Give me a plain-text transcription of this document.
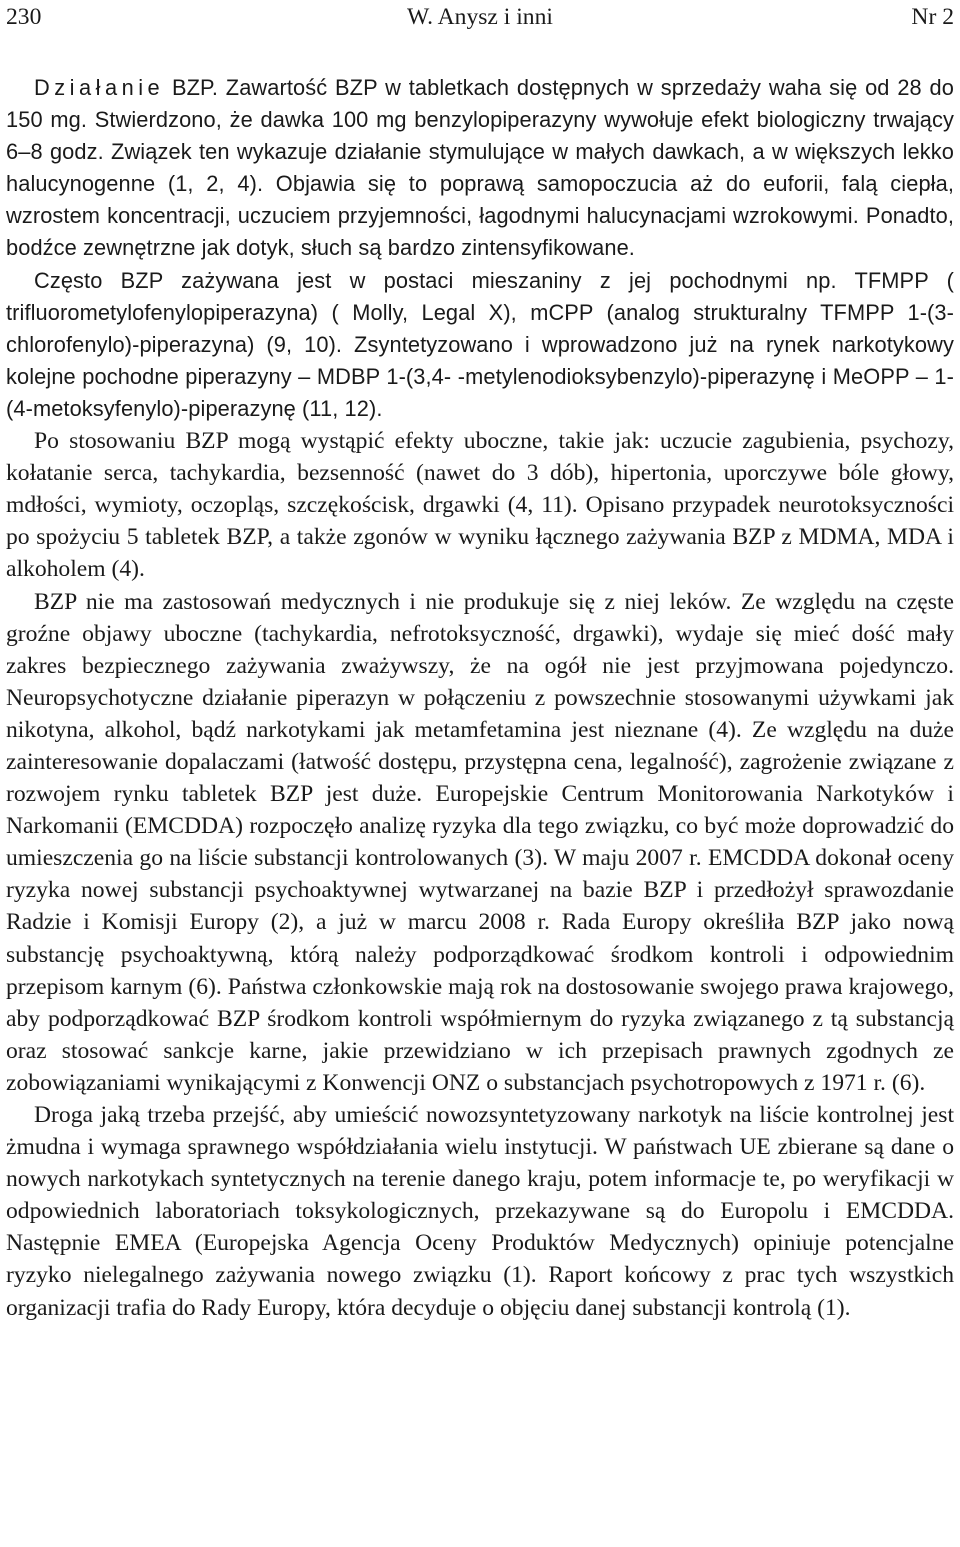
230	W. Anysz i inni	Nr 2

Działanie BZP. Zawartość BZP w tabletkach dostępnych w sprzedaży waha się od 28 do 150 mg. Stwierdzono, że dawka 100 mg benzylopiperazyny wywołuje efekt biologiczny trwający 6–8 godz. Związek ten wykazuje działanie stymulujące w małych dawkach, a w większych lekko halucynogenne (1, 2, 4). Objawia się to poprawą samopoczucia aż do euforii, falą ciepła, wzrostem koncentracji, uczuciem przyjemności, łagodnymi halucynacjami wzrokowymi. Ponadto, bodźce zewnętrzne jak dotyk, słuch są bardzo zintensyfikowane.

Często BZP zażywana jest w postaci mieszaniny z jej pochodnymi np. TFMPP ( trifluorometylofenylopiperazyna) ( Molly, Legal X), mCPP (analog strukturalny TFMPP 1-(3-chlorofenylo)-piperazyna) (9, 10). Zsyntetyzowano i wprowadzono już na rynek narkotykowy kolejne pochodne piperazyny – MDBP 1-(3,4- -metylenodioksybenzylo)-piperazynę i MeOPP – 1-(4-metoksyfenylo)-piperazynę (11, 12).

Po stosowaniu BZP mogą wystąpić efekty uboczne, takie jak: uczucie zagubienia, psychozy, kołatanie serca, tachykardia, bezsenność (nawet do 3 dób), hipertonia, uporczywe bóle głowy, mdłości, wymioty, oczopląs, szczękościsk, drgawki (4, 11). Opisano przypadek neurotoksyczności po spożyciu 5 tabletek BZP, a także zgonów w wyniku łącznego zażywania BZP z MDMA, MDA i alkoholem (4).

BZP nie ma zastosowań medycznych i nie produkuje się z niej leków. Ze względu na częste groźne objawy uboczne (tachykardia, nefrotoksyczność, drgawki), wydaje się mieć dość mały zakres bezpiecznego zażywania zważywszy, że na ogół nie jest przyjmowana pojedynczo. Neuropsychotyczne działanie piperazyn w połączeniu z powszechnie stosowanymi używkami jak nikotyna, alkohol, bądź narkotykami jak metamfetamina jest nieznane (4). Ze względu na duże zainteresowanie dopalaczami (łatwość dostępu, przystępna cena, legalność), zagrożenie związane z rozwojem rynku tabletek BZP jest duże. Europejskie Centrum Monitorowania Narkotyków i Narkomanii (EMCDDA) rozpoczęło analizę ryzyka dla tego związku, co być może doprowadzić do umieszczenia go na liście substancji kontrolowanych (3). W maju 2007 r. EMCDDA dokonał oceny ryzyka nowej substancji psychoaktywnej wytwarzanej na bazie BZP i przedłożył sprawozdanie Radzie i Komisji Europy (2), a już w marcu 2008 r. Rada Europy określiła BZP jako nową substancję psychoaktywną, którą należy podporządkować środkom kontroli i odpowiednim przepisom karnym (6). Państwa członkowskie mają rok na dostosowanie swojego prawa krajowego, aby podporządkować BZP środkom kontroli współmiernym do ryzyka związanego z tą substancją oraz stosować sankcje karne, jakie przewidziano w ich przepisach prawnych zgodnych ze zobowiązaniami wynikającymi z Konwencji ONZ o substancjach psychotropowych z 1971 r. (6).

Droga jaką trzeba przejść, aby umieścić nowozsyntetyzowany narkotyk na liście kontrolnej jest żmudna i wymaga sprawnego współdziałania wielu instytucji. W państwach UE zbierane są dane o nowych narkotykach syntetycznych na terenie danego kraju, potem informacje te, po weryfikacji w odpowiednich laboratoriach toksykologicznych, przekazywane są do Europolu i EMCDDA. Następnie EMEA (Europejska Agencja Oceny Produktów Medycznych) opiniuje potencjalne ryzyko nielegalnego zażywania nowego związku (1). Raport końcowy z prac tych wszystkich organizacji trafia do Rady Europy, która decyduje o objęciu danej substancji kontrolą (1).
